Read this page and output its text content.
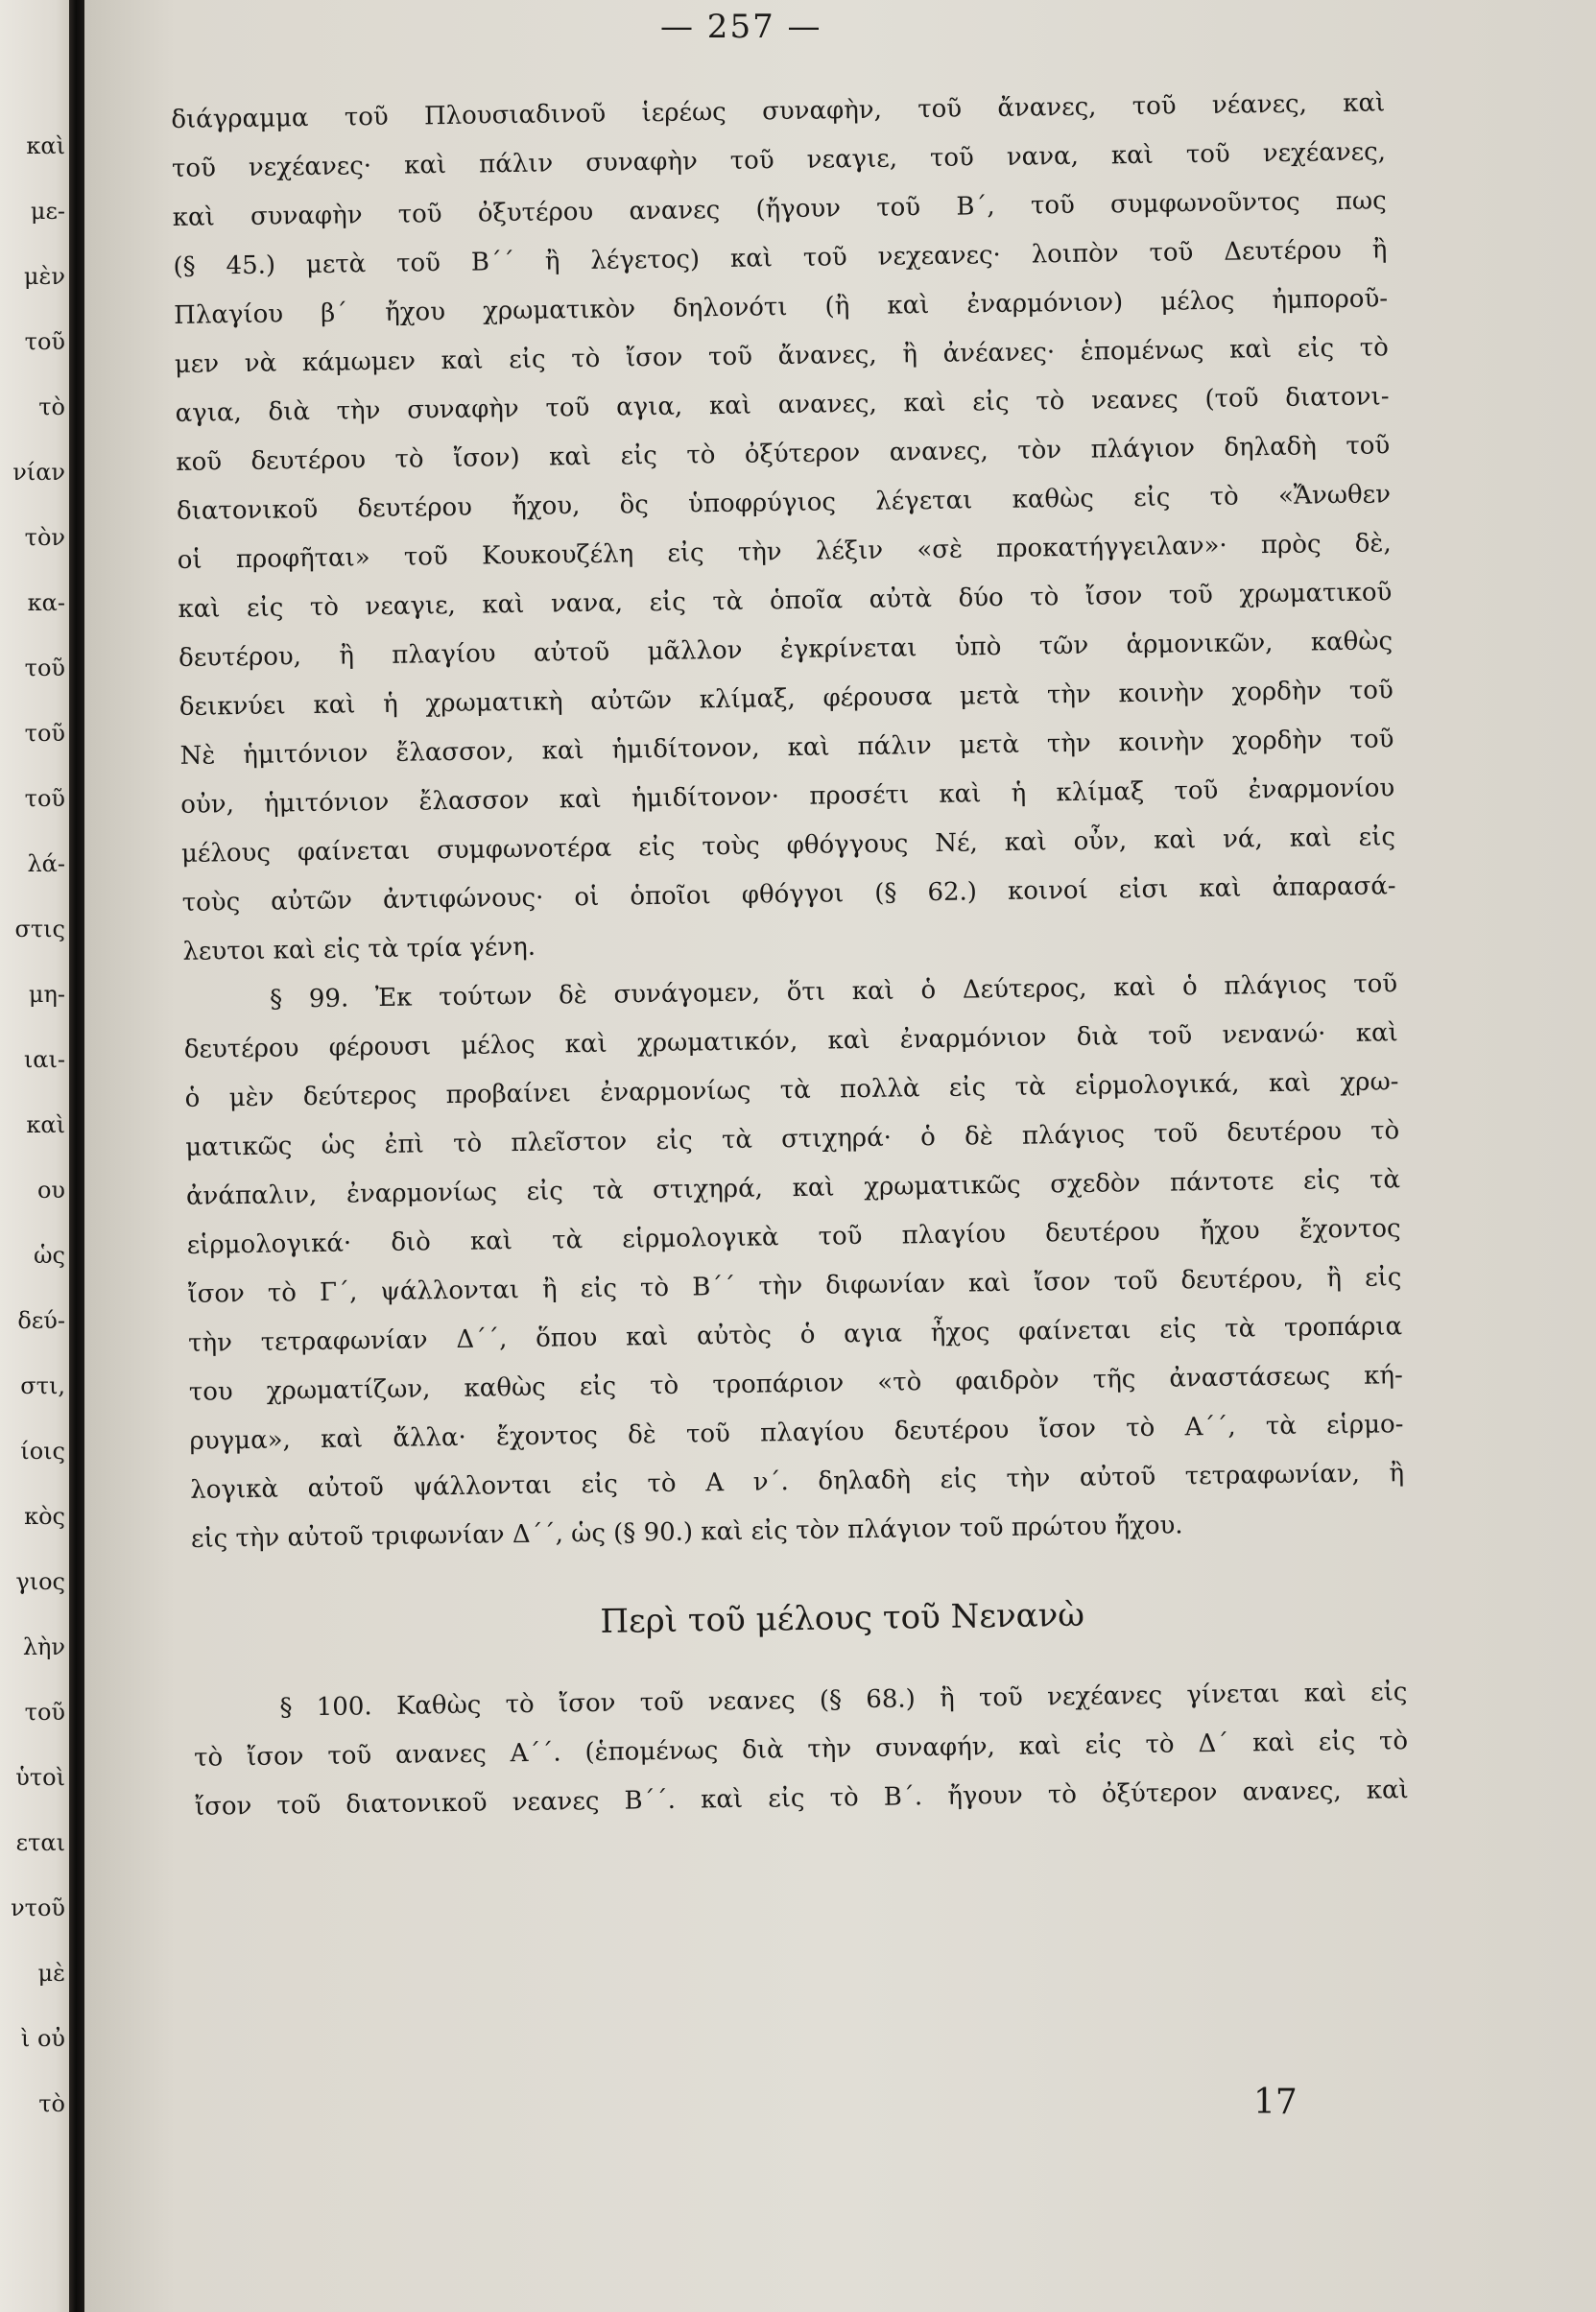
καὶ
με-
μὲν
τοῦ
τὸ
νίαν
τὸν
κα-
τοῦ
τοῦ
τοῦ
λά-
στις
μη-
ιαι-
καὶ
ου
ὡς
δεύ-
στι,
ίοις
κὸς
γιος
λὴν
τοῦ
ὑτοὶ
εται
ντοῦ
μὲ
ὶ οὐ
τὸ
— 257 —
διάγραμμα τοῦ Πλουσιαδινοῦ ἱερέως συναφὴν, τοῦ ἄνανες, τοῦ νέανες, καὶ
τοῦ νεχέανες· καὶ πάλιν συναφὴν τοῦ νεαγιε, τοῦ νανα, καὶ τοῦ νεχέανες,
καὶ συναφὴν τοῦ ὀξυτέρου ανανες (ἤγουν τοῦ Β΄, τοῦ συμφωνοῦντος πως
(§ 45.) μετὰ τοῦ Β΄΄ ἢ λέγετος) καὶ τοῦ νεχεανες· λοιπὸν τοῦ Δευτέρου ἢ
Πλαγίου β΄ ἤχου χρωματικὸν δηλονότι (ἢ καὶ ἐναρμόνιον) μέλος ἠμποροῦ-
μεν νὰ κάμωμεν καὶ εἰς τὸ ἴσον τοῦ ἄνανες, ἢ ἀνέανες· ἑπομένως καὶ εἰς τὸ
αγια, διὰ τὴν συναφὴν τοῦ αγια, καὶ ανανες, καὶ εἰς τὸ νεανες (τοῦ διατονι-
κοῦ δευτέρου τὸ ἴσον) καὶ εἰς τὸ ὀξύτερον ανανες, τὸν πλάγιον δηλαδὴ τοῦ
διατονικοῦ δευτέρου ἤχου, ὃς ὑποφρύγιος λέγεται καθὼς εἰς τὸ «Ἄνωθεν
οἱ προφῆται» τοῦ Κουκουζέλη εἰς τὴν λέξιν «σὲ προκατήγγειλαν»· πρὸς δὲ,
καὶ εἰς τὸ νεαγιε, καὶ νανα, εἰς τὰ ὁποῖα αὐτὰ δύο τὸ ἴσον τοῦ χρωματικοῦ
δευτέρου, ἢ πλαγίου αὐτοῦ μᾶλλον ἐγκρίνεται ὑπὸ τῶν ἁρμονικῶν, καθὼς
δεικνύει καὶ ἡ χρωματικὴ αὐτῶν κλίμαξ, φέρουσα μετὰ τὴν κοινὴν χορδὴν τοῦ
Νὲ ἡμιτόνιον ἔλασσον, καὶ ἡμιδίτονον, καὶ πάλιν μετὰ τὴν κοινὴν χορδὴν τοῦ
οὐν, ἡμιτόνιον ἔλασσον καὶ ἡμιδίτονον· προσέτι καὶ ἡ κλίμαξ τοῦ ἐναρμονίου
μέλους φαίνεται συμφωνοτέρα εἰς τοὺς φθόγγους Νέ, καὶ οὖν, καὶ νά, καὶ εἰς
τοὺς αὐτῶν ἀντιφώνους· οἱ ὁποῖοι φθόγγοι (§ 62.) κοινοί εἰσι καὶ ἀπαρασά-
λευτοι καὶ εἰς τὰ τρία γένη.
§ 99. Ἐκ τούτων δὲ συνάγομεν, ὅτι καὶ ὁ Δεύτερος, καὶ ὁ πλάγιος τοῦ
δευτέρου φέρουσι μέλος καὶ χρωματικόν, καὶ ἐναρμόνιον διὰ τοῦ νενανώ· καὶ
ὁ μὲν δεύτερος προβαίνει ἐναρμονίως τὰ πολλὰ εἰς τὰ εἱρμολογικά, καὶ χρω-
ματικῶς ὡς ἐπὶ τὸ πλεῖστον εἰς τὰ στιχηρά· ὁ δὲ πλάγιος τοῦ δευτέρου τὸ
ἀνάπαλιν, ἐναρμονίως εἰς τὰ στιχηρά, καὶ χρωματικῶς σχεδὸν πάντοτε εἰς τὰ
εἱρμολογικά· διὸ καὶ τὰ εἱρμολογικὰ τοῦ πλαγίου δευτέρου ἤχου ἔχοντος
ἴσον τὸ Γ΄, ψάλλονται ἢ εἰς τὸ Β΄΄ τὴν διφωνίαν καὶ ἴσον τοῦ δευτέρου, ἢ εἰς
τὴν τετραφωνίαν Δ΄΄, ὅπου καὶ αὐτὸς ὁ αγια ἦχος φαίνεται εἰς τὰ τροπάρια
του χρωματίζων, καθὼς εἰς τὸ τροπάριον «τὸ φαιδρὸν τῆς ἀναστάσεως κή-
ρυγμα», καὶ ἄλλα· ἔχοντος δὲ τοῦ πλαγίου δευτέρου ἴσον τὸ Α΄΄, τὰ εἱρμο-
λογικὰ αὐτοῦ ψάλλονται εἰς τὸ Α ν΄. δηλαδὴ εἰς τὴν αὐτοῦ τετραφωνίαν, ἢ
εἰς τὴν αὐτοῦ τριφωνίαν Δ΄΄, ὡς (§ 90.) καὶ εἰς τὸν πλάγιον τοῦ πρώτου ἤχου.
Περὶ τοῦ μέλους τοῦ Νενανὼ
§ 100. Καθὼς τὸ ἴσον τοῦ νεανες (§ 68.) ἢ τοῦ νεχέανες γίνεται καὶ εἰς
τὸ ἴσον τοῦ ανανες Α΄΄. (ἑπομένως διὰ τὴν συναφήν, καὶ εἰς τὸ Δ΄ καὶ εἰς τὸ
ἴσον τοῦ διατονικοῦ νεανες Β΄΄. καὶ εἰς τὸ Β΄. ἤγουν τὸ ὀξύτερον ανανες, καὶ
17
